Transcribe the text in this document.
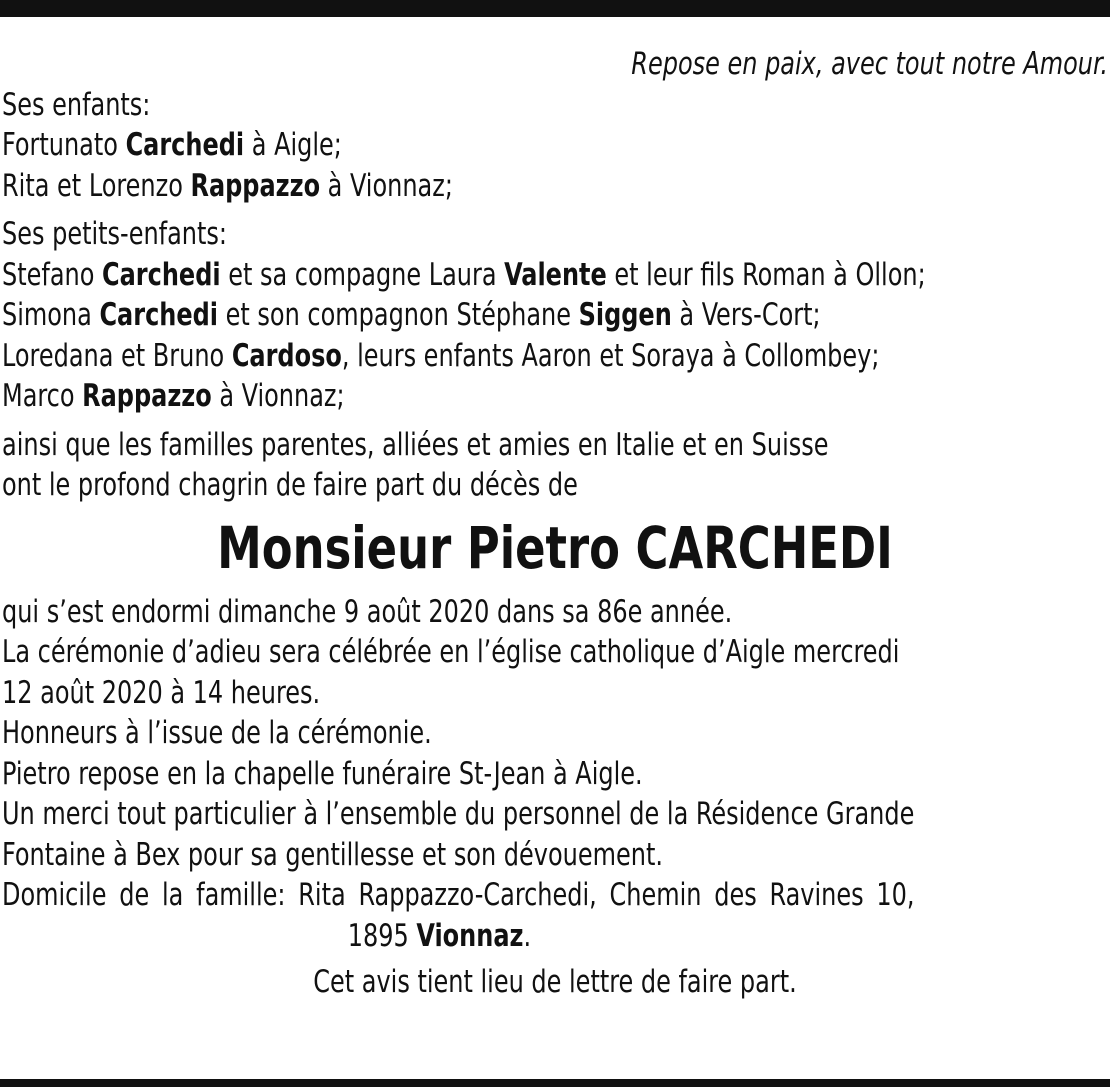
Repose en paix, avec tout notre Amour.
Ses enfants:
Fortunato Carchedi à Aigle;
Rita et Lorenzo Rappazzo à Vionnaz;
Ses petits-enfants:
Stefano Carchedi et sa compagne Laura Valente et leur fils Roman à Ollon;
Simona Carchedi et son compagnon Stéphane Siggen à Vers-Cort;
Loredana et Bruno Cardoso, leurs enfants Aaron et Soraya à Collombey;
Marco Rappazzo à Vionnaz;
ainsi que les familles parentes, alliées et amies en Italie et en Suisse
ont le profond chagrin de faire part du décès de
Monsieur Pietro CARCHEDI
qui s’est endormi dimanche 9 août 2020 dans sa 86e année.
La cérémonie d’adieu sera célébrée en l’église catholique d’Aigle mercredi
12 août 2020 à 14 heures.
Honneurs à l’issue de la cérémonie.
Pietro repose en la chapelle funéraire St-Jean à Aigle.
Un merci tout particulier à l’ensemble du personnel de la Résidence Grande
Fontaine à Bex pour sa gentillesse et son dévouement.
Domicile de la famille: Rita Rappazzo-Carchedi, Chemin des Ravines 10,
1895 Vionnaz.
Cet avis tient lieu de lettre de faire part.
